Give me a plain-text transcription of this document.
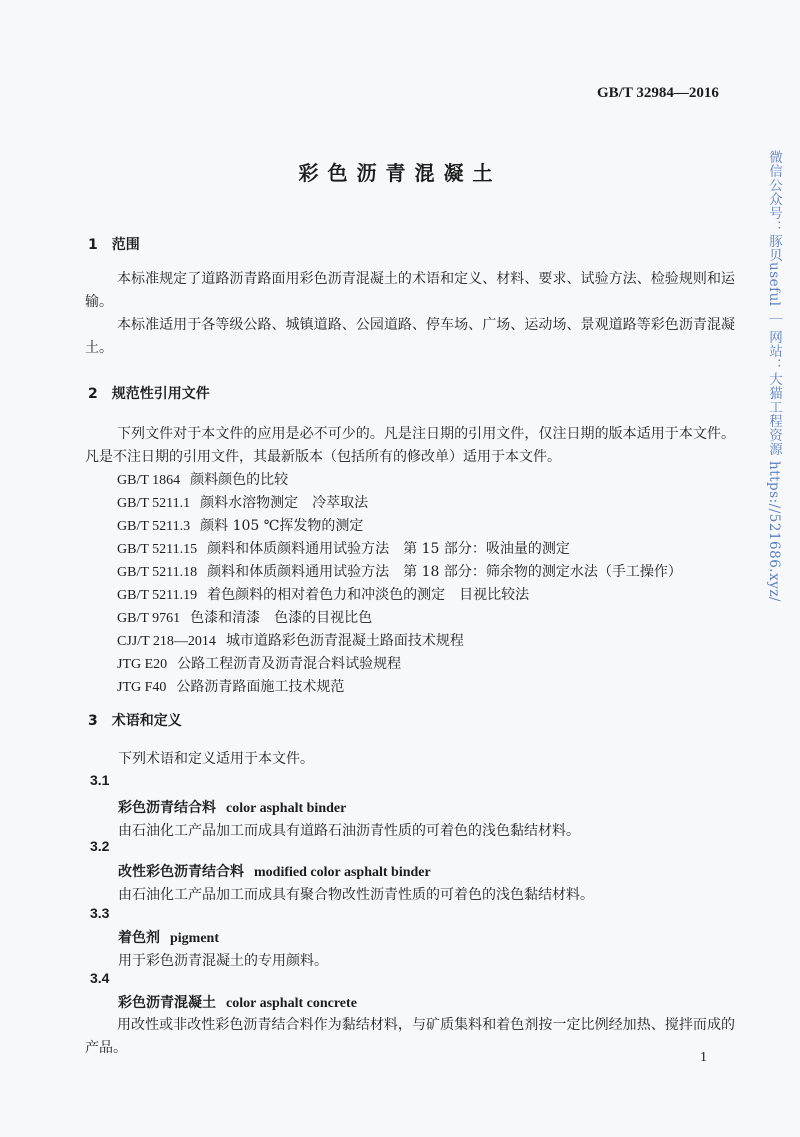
GB/T 32984—2016
彩色沥青混凝土	微信公众号：豚贝useful ｜ 网站：大猫工程资源 https://521686.xyz/
1　范围
本标准规定了道路沥青路面用彩色沥青混凝土的术语和定义、材料、要求、试验方法、检验规则和运输。
本标准适用于各等级公路、城镇道路、公园道路、停车场、广场、运动场、景观道路等彩色沥青混凝土。
2　规范性引用文件
下列文件对于本文件的应用是必不可少的。凡是注日期的引用文件，仅注日期的版本适用于本文件。凡是不注日期的引用文件，其最新版本（包括所有的修改单）适用于本文件。
GB/T 1864 颜料颜色的比较
GB/T 5211.1 颜料水溶物测定　冷萃取法
GB/T 5211.3 颜料 105 ℃挥发物的测定
GB/T 5211.15 颜料和体质颜料通用试验方法　第 15 部分：吸油量的测定
GB/T 5211.18 颜料和体质颜料通用试验方法　第 18 部分：筛余物的测定水法（手工操作）
GB/T 5211.19 着色颜料的相对着色力和冲淡色的测定　目视比较法
GB/T 9761 色漆和清漆　色漆的目视比色
CJJ/T 218—2014 城市道路彩色沥青混凝土路面技术规程
JTG E20 公路工程沥青及沥青混合料试验规程
JTG F40 公路沥青路面施工技术规范
3　术语和定义
下列术语和定义适用于本文件。
3.1
彩色沥青结合料 color asphalt binder
由石油化工产品加工而成具有道路石油沥青性质的可着色的浅色黏结材料。
3.2
改性彩色沥青结合料 modified color asphalt binder
由石油化工产品加工而成具有聚合物改性沥青性质的可着色的浅色黏结材料。
3.3
着色剂 pigment
用于彩色沥青混凝土的专用颜料。
3.4
彩色沥青混凝土 color asphalt concrete
用改性或非改性彩色沥青结合料作为黏结材料，与矿质集料和着色剂按一定比例经加热、搅拌而成的产品。
1
